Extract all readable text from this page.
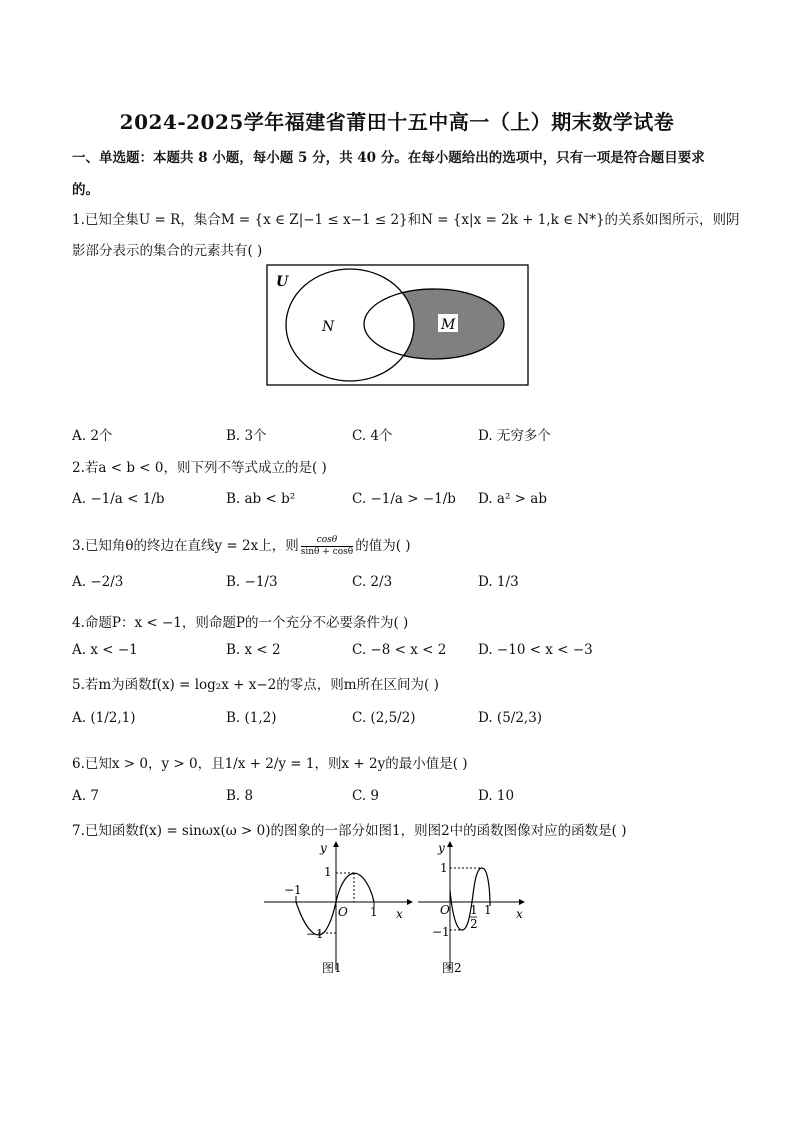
2024-2025学年福建省莆田十五中高一（上）期末数学试卷
一、单选题：本题共 8 小题，每小题 5 分，共 40 分。在每小题给出的选项中，只有一项是符合题目要求
的。
1.已知全集U = R，集合M = {x ∈ Z|−1 ≤ x−1 ≤ 2}和N = {x|x = 2k + 1,k ∈ N*}的关系如图所示，则阴
影部分表示的集合的元素共有( )
U
N	M
A. 2个	B. 3个	C. 4个	D. 无穷多个
2.若a < b < 0，则下列不等式成立的是( )
A. −1/a < 1/b	B. ab < b²	C. −1/a > −1/b D. a² > ab
3.已知角θ的终边在直线y = 2x上，则 $\frac{\cos\theta}{\sin\theta + \cos\theta}$ 的值为( )
A. −2/3	B. −1/3	C. 2/3	D. 1/3
4.命题P：x < −1，则命题P的一个充分不必要条件为( )
A. x < −1	B. x < 2	C. −8 < x < 2 D. −10 < x < −3
5.若m为函数f(x) = log₂x + x−2的零点，则m所在区间为( )
A. (1/2,1)	B. (1,2)	C. (2,5/2)	D. (5/2,3)
6.已知x > 0，y > 0，且1/x + 2/y = 1，则x + 2y的最小值是( )
A. 7	B. 8	C. 9	D. 10
7.已知函数f(x) = sinωx(ω > 0)的图象的一部分如图1，则图2中的函数图像对应的函数是( )
y
x
O
1
−1
1
−1
图1
y
x
O
1
−1
1
2
1
图2
